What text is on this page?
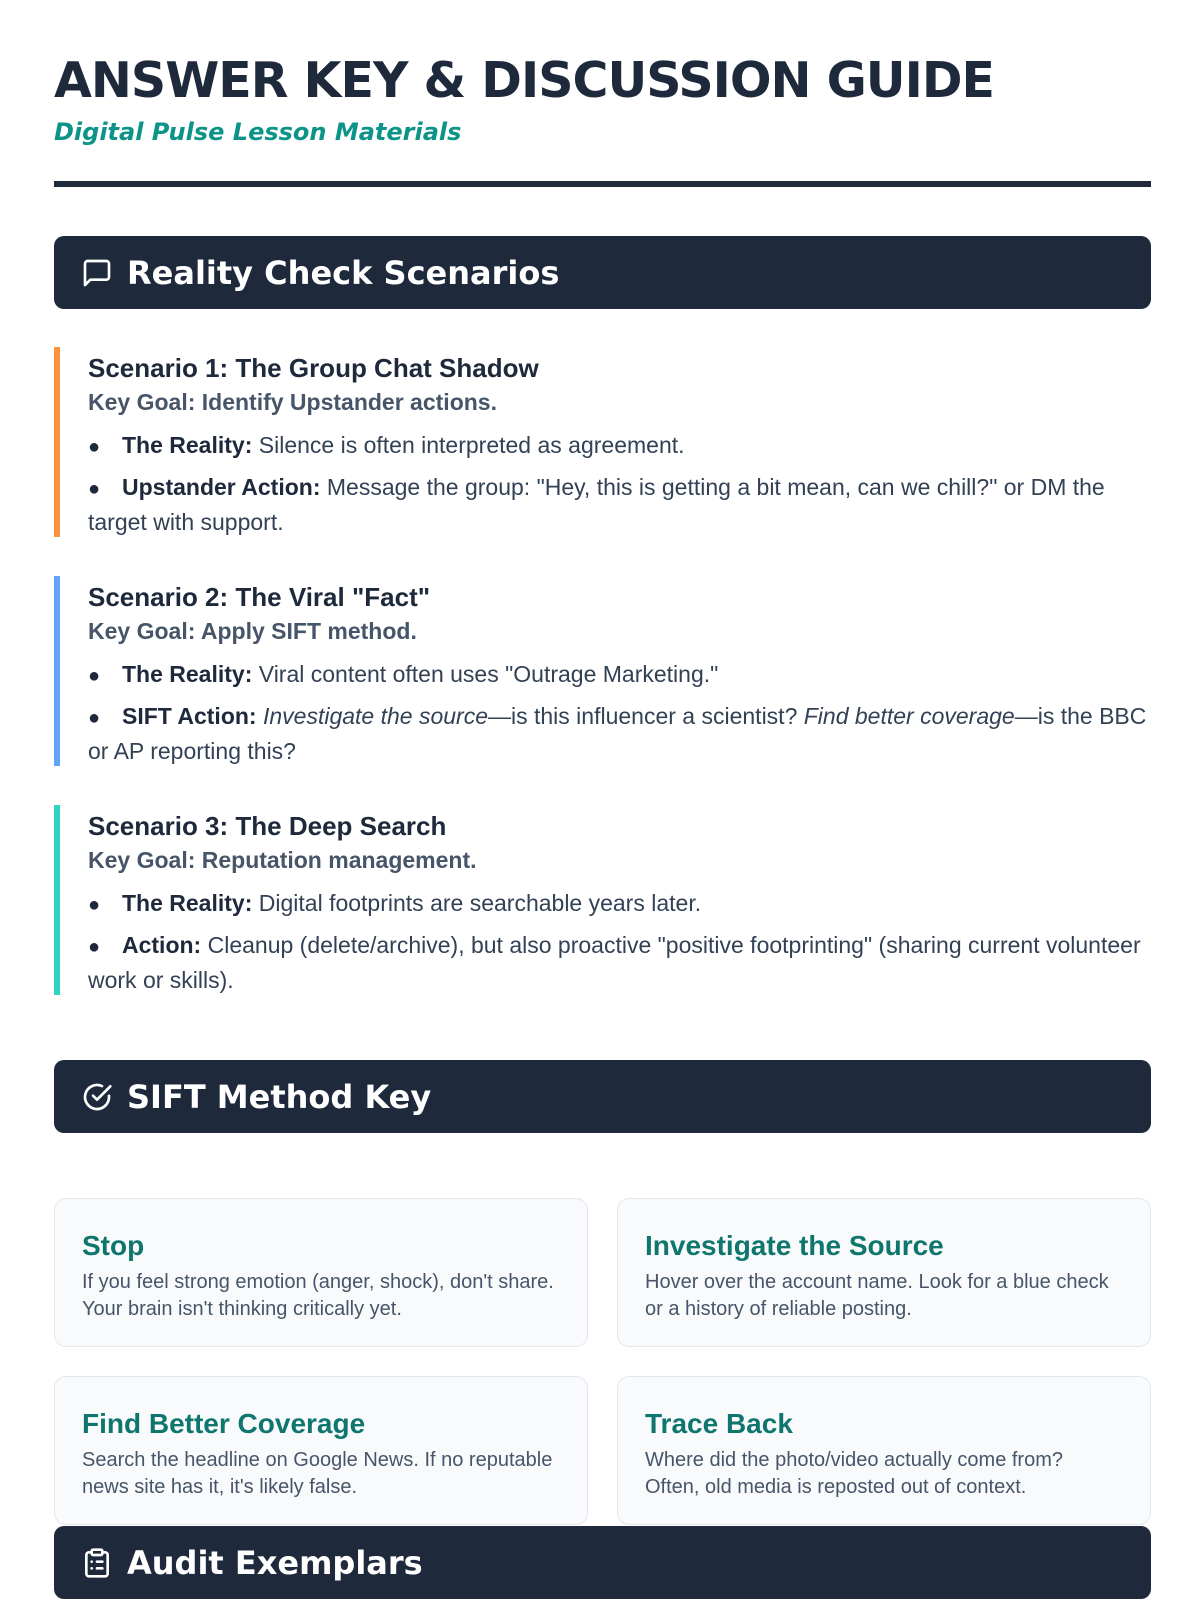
ANSWER KEY & DISCUSSION GUIDE

Digital Pulse Lesson Materials

Reality Check Scenarios

Scenario 1: The Group Chat Shadow

Key Goal: Identify Upstander actions.

● The Reality: Silence is often interpreted as agreement.
● Upstander Action: Message the group: "Hey, this is getting a bit mean, can we chill?" or DM the target with support.

Scenario 2: The Viral "Fact"

Key Goal: Apply SIFT method.

● The Reality: Viral content often uses "Outrage Marketing."
● SIFT Action: Investigate the source—is this influencer a scientist? Find better coverage—is the BBC or AP reporting this?

Scenario 3: The Deep Search

Key Goal: Reputation management.

● The Reality: Digital footprints are searchable years later.
● Action: Cleanup (delete/archive), but also proactive "positive footprinting" (sharing current volunteer work or skills).
SIFT Method Key

Stop

If you feel strong emotion (anger, shock), don't share. Your brain isn't thinking critically yet.

Investigate the Source

Hover over the account name. Look for a blue check or a history of reliable posting.

Find Better Coverage

Search the headline on Google News. If no reputable news site has it, it's likely false.

Trace Back

Where did the photo/video actually come from? Often, old media is reposted out of context.

Audit Exemplars
